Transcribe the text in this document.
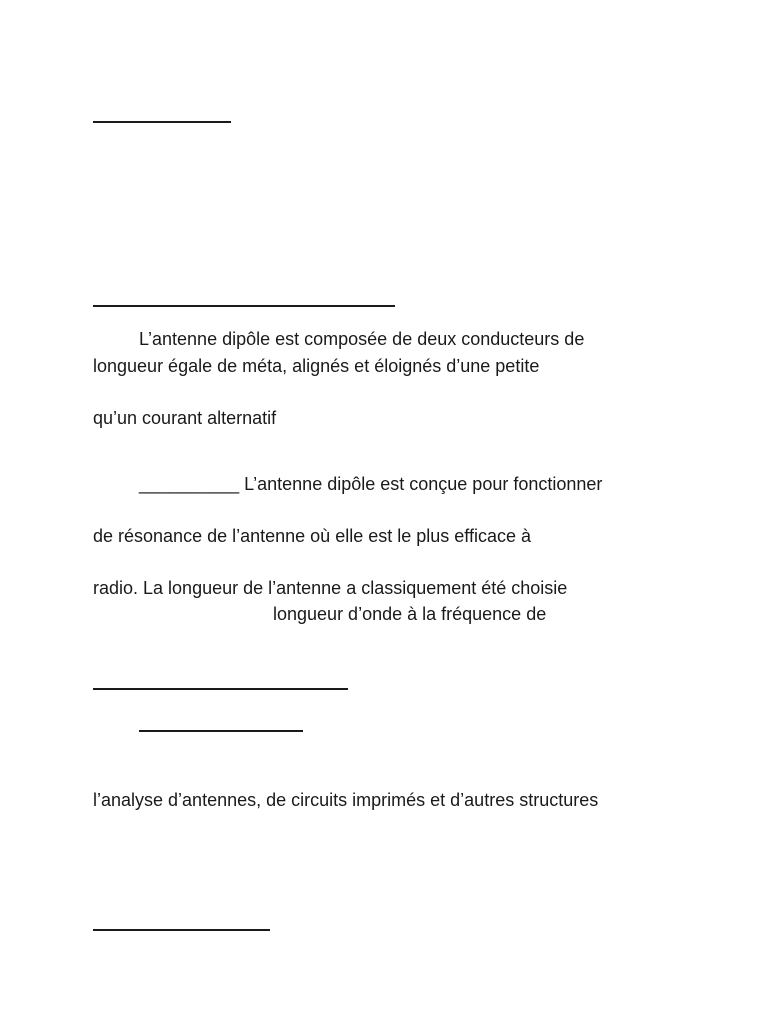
L’antenne dipôle est composée de deux conducteurs de
longueur égale de méta, alignés et éloignés d’une petite
qu’un courant alternatif
__________ L’antenne dipôle est conçue pour fonctionner
de résonance de l’antenne où elle est le plus efficace à
radio. La longueur de l’antenne a classiquement été choisie
longueur d’onde à la fréquence de
l’analyse d’antennes, de circuits imprimés et d’autres structures
